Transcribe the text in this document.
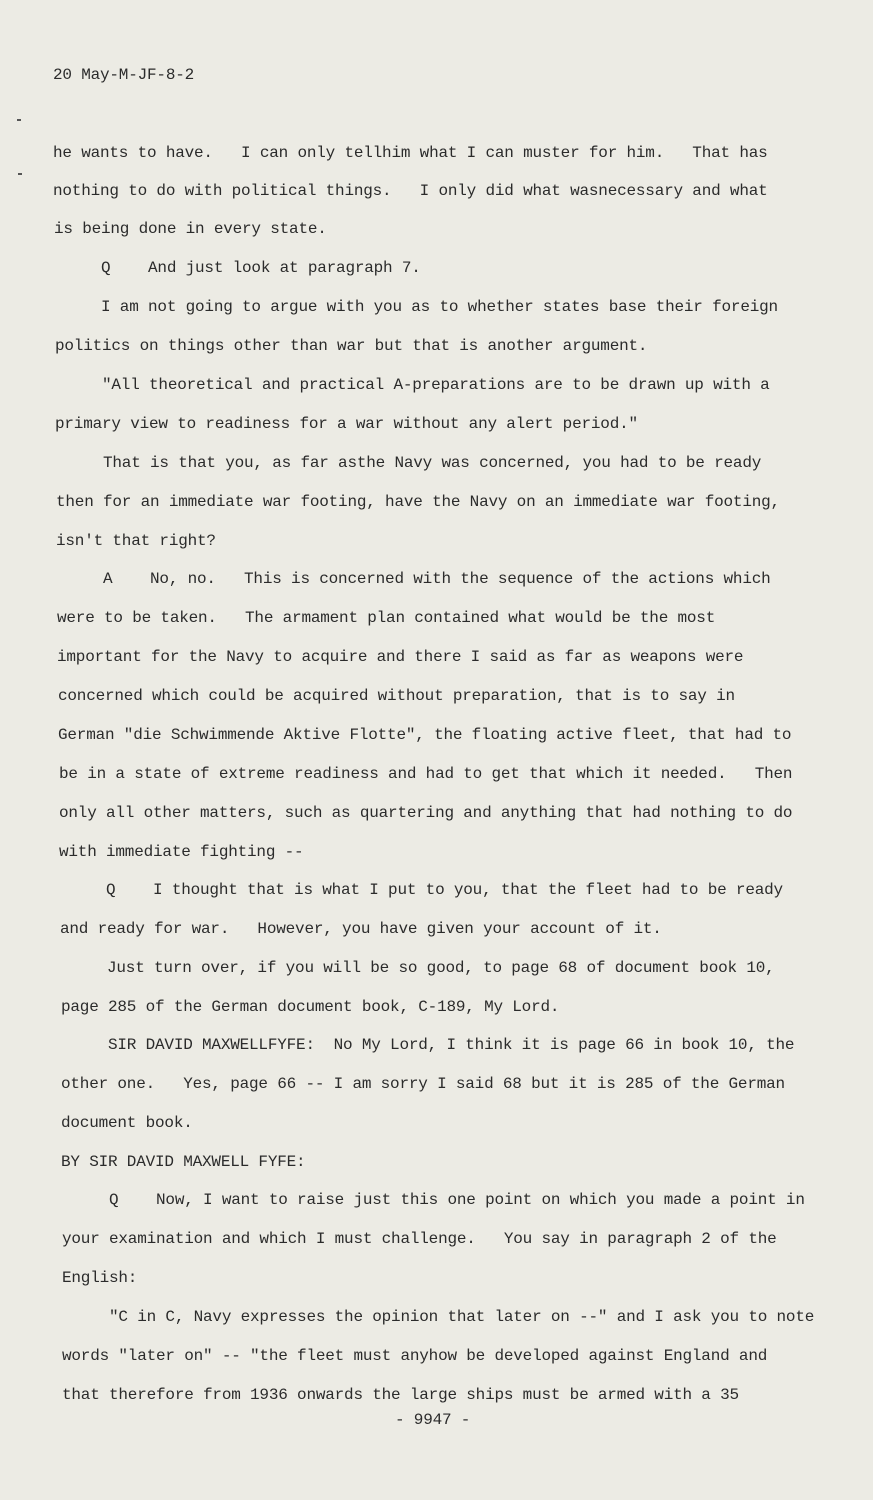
20 May-M-JF-8-2
he wants to have.   I can only tellhim what I can muster for him.   That has
nothing to do with political things.   I only did what wasnecessary and what
is being done in every state.
Q    And just look at paragraph 7.
I am not going to argue with you as to whether states base their foreign
politics on things other than war but that is another argument.
"All theoretical and practical A-preparations are to be drawn up with a
primary view to readiness for a war without any alert period."
That is that you, as far asthe Navy was concerned, you had to be ready
then for an immediate war footing, have the Navy on an immediate war footing,
isn't that right?
A    No, no.   This is concerned with the sequence of the actions which
were to be taken.   The armament plan contained what would be the most
important for the Navy to acquire and there I said as far as weapons were
concerned which could be acquired without preparation, that is to say in
German "die Schwimmende Aktive Flotte", the floating active fleet, that had to
be in a state of extreme readiness and had to get that which it needed.   Then
only all other matters, such as quartering and anything that had nothing to do
with immediate fighting --
Q    I thought that is what I put to you, that the fleet had to be ready
and ready for war.   However, you have given your account of it.
Just turn over, if you will be so good, to page 68 of document book 10,
page 285 of the German document book, C-189, My Lord.
SIR DAVID MAXWELLFYFE:  No My Lord, I think it is page 66 in book 10, the
other one.   Yes, page 66 -- I am sorry I said 68 but it is 285 of the German
document book.
BY SIR DAVID MAXWELL FYFE:
Q    Now, I want to raise just this one point on which you made a point in
your examination and which I must challenge.   You say in paragraph 2 of the
English:
"C in C, Navy expresses the opinion that later on --" and I ask you to note
words "later on" -- "the fleet must anyhow be developed against England and
that therefore from 1936 onwards the large ships must be armed with a 35
- 9947 -
